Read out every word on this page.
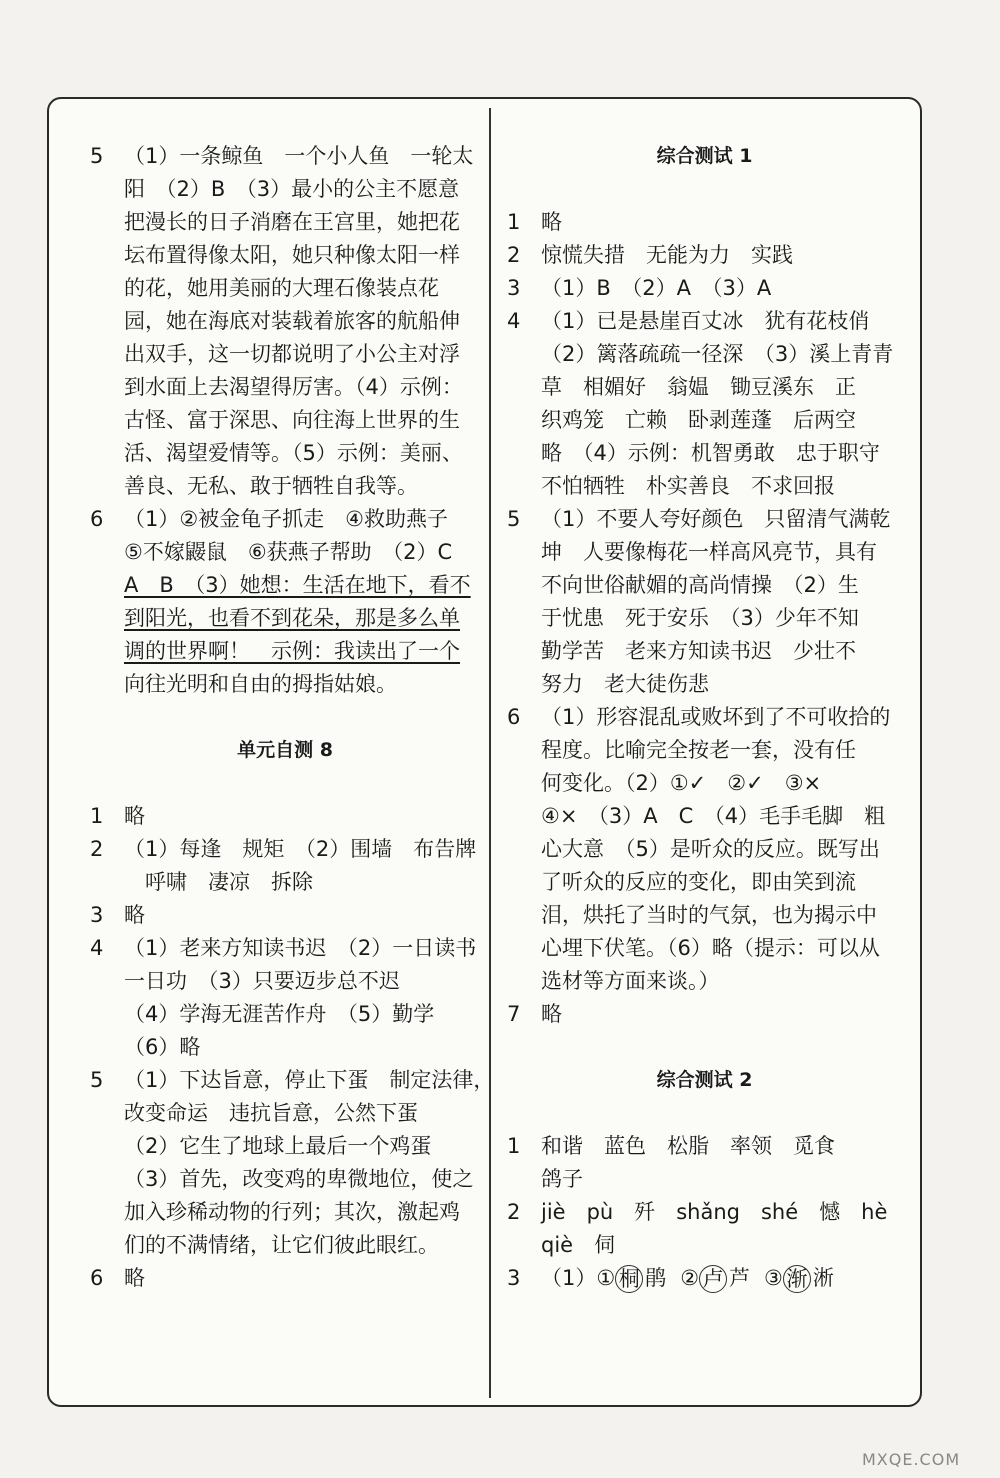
5 （1）一条鲸鱼　一个小人鱼　一轮太
阳　（2）B　（3）最小的公主不愿意
把漫长的日子消磨在王宫里，她把花
坛布置得像太阳，她只种像太阳一样
的花，她用美丽的大理石像装点花
园，她在海底对装载着旅客的航船伸
出双手，这一切都说明了小公主对浮
到水面上去渴望得厉害。（4）示例：
古怪、富于深思、向往海上世界的生
活、渴望爱情等。（5）示例：美丽、
善良、无私、敢于牺牲自我等。
6 （1）②被金龟子抓走　④救助燕子
⑤不嫁鼹鼠　⑥获燕子帮助　（2）C
A　B　（3）她想：生活在地下，看不
到阳光，也看不到花朵，那是多么单
调的世界啊！　示例：我读出了一个
向往光明和自由的拇指姑娘。
单元自测 8
1 略
2 （1）每逢　规矩　（2）围墙　布告牌
　呼啸　凄凉　拆除
3 略
4 （1）老来方知读书迟　（2）一日读书
一日功　（3）只要迈步总不迟
（4）学海无涯苦作舟　（5）勤学
（6）略
5 （1）下达旨意，停止下蛋　制定法律，
改变命运　违抗旨意，公然下蛋
（2）它生了地球上最后一个鸡蛋
（3）首先，改变鸡的卑微地位，使之
加入珍稀动物的行列；其次，激起鸡
们的不满情绪，让它们彼此眼红。
6 略
综合测试 1
1 略
2 惊慌失措　无能为力　实践
3 （1）B　（2）A　（3）A
4 （1）已是悬崖百丈冰　犹有花枝俏
（2）篱落疏疏一径深　（3）溪上青青
草　相媚好　翁媪　锄豆溪东　正
织鸡笼　亡赖　卧剥莲蓬　后两空
略　（4）示例：机智勇敢　忠于职守
不怕牺牲　朴实善良　不求回报
5 （1）不要人夸好颜色　只留清气满乾
坤　人要像梅花一样高风亮节，具有
不向世俗献媚的高尚情操　（2）生
于忧患　死于安乐　（3）少年不知
勤学苦　老来方知读书迟　少壮不
努力　老大徒伤悲
6 （1）形容混乱或败坏到了不可收拾的
程度。比喻完全按老一套，没有任
何变化。（2）①✓　②✓　③×
④×　（3）A　C　（4）毛手毛脚　粗
心大意　（5）是听众的反应。既写出
了听众的反应的变化，即由笑到流
泪，烘托了当时的气氛，也为揭示中
心埋下伏笔。（6）略（提示：可以从
选材等方面来谈。）
7 略
综合测试 2
1 和谐　蓝色　松脂　率领　觅食
鸽子
2 jiè　pù　歼　shǎng　shé　憾　hè
qiè　伺
3 （1）① 桐 鹃 ② 卢 芦 ③ 渐 淅
MXQE.COM
